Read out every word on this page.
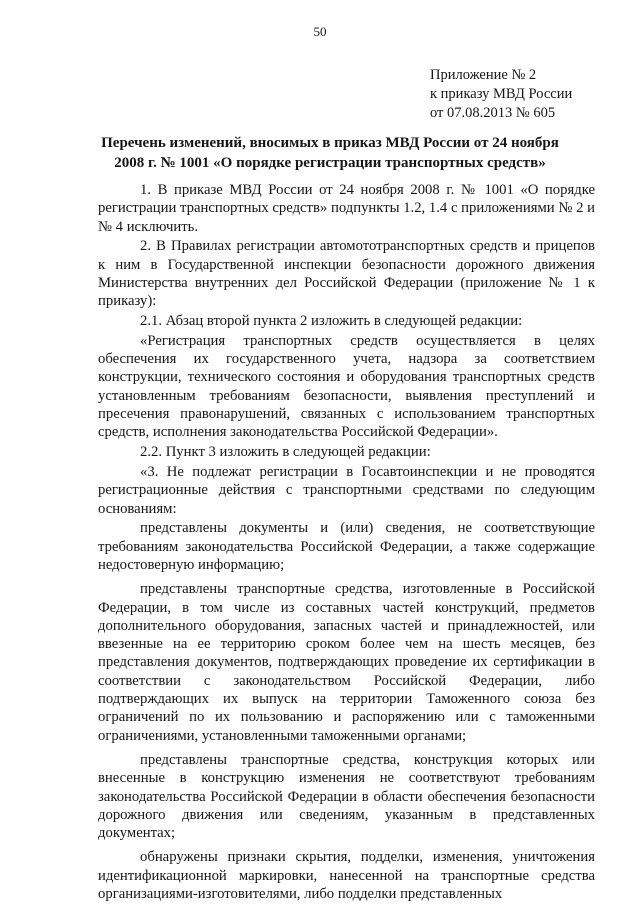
50
Приложение № 2
к приказу МВД России
от 07.08.2013 № 605
Перечень изменений, вносимых в приказ МВД России от 24 ноября
2008 г. № 1001 «О порядке регистрации транспортных средств»

1. В приказе МВД России от 24 ноября 2008 г. № 1001 «О порядке регистрации транспортных средств» подпункты 1.2, 1.4 с приложениями № 2 и № 4 исключить.

2. В Правилах регистрации автомототранспортных средств и прицепов к ним в Государственной инспекции безопасности дорожного движения Министерства внутренних дел Российской Федерации (приложение № 1 к приказу):

2.1. Абзац второй пункта 2 изложить в следующей редакции:

«Регистрация транспортных средств осуществляется в целях обеспечения их государственного учета, надзора за соответствием конструкции, технического состояния и оборудования транспортных средств установленным требованиям безопасности, выявления преступлений и пресечения правонарушений, связанных с использованием транспортных средств, исполнения законодательства Российской Федерации».

2.2. Пункт 3 изложить в следующей редакции:

«3. Не подлежат регистрации в Госавтоинспекции и не проводятся регистрационные действия с транспортными средствами по следующим основаниям:

представлены документы и (или) сведения, не соответствующие требованиям законодательства Российской Федерации, а также содержащие недостоверную информацию;

представлены транспортные средства, изготовленные в Российской Федерации, в том числе из составных частей конструкций, предметов дополнительного оборудования, запасных частей и принадлежностей, или ввезенные на ее территорию сроком более чем на шесть месяцев, без представления документов, подтверждающих проведение их сертификации в соответствии с законодательством Российской Федерации, либо подтверждающих их выпуск на территории Таможенного союза без ограничений по их пользованию и распоряжению или с таможенными ограничениями, установленными таможенными органами;

представлены транспортные средства, конструкция которых или внесенные в конструкцию изменения не соответствуют требованиям законодательства Российской Федерации в области обеспечения безопасности дорожного движения или сведениям, указанным в представленных документах;

обнаружены признаки скрытия, подделки, изменения, уничтожения идентификационной маркировки, нанесенной на транспортные средства организациями-изготовителями, либо подделки представленных
